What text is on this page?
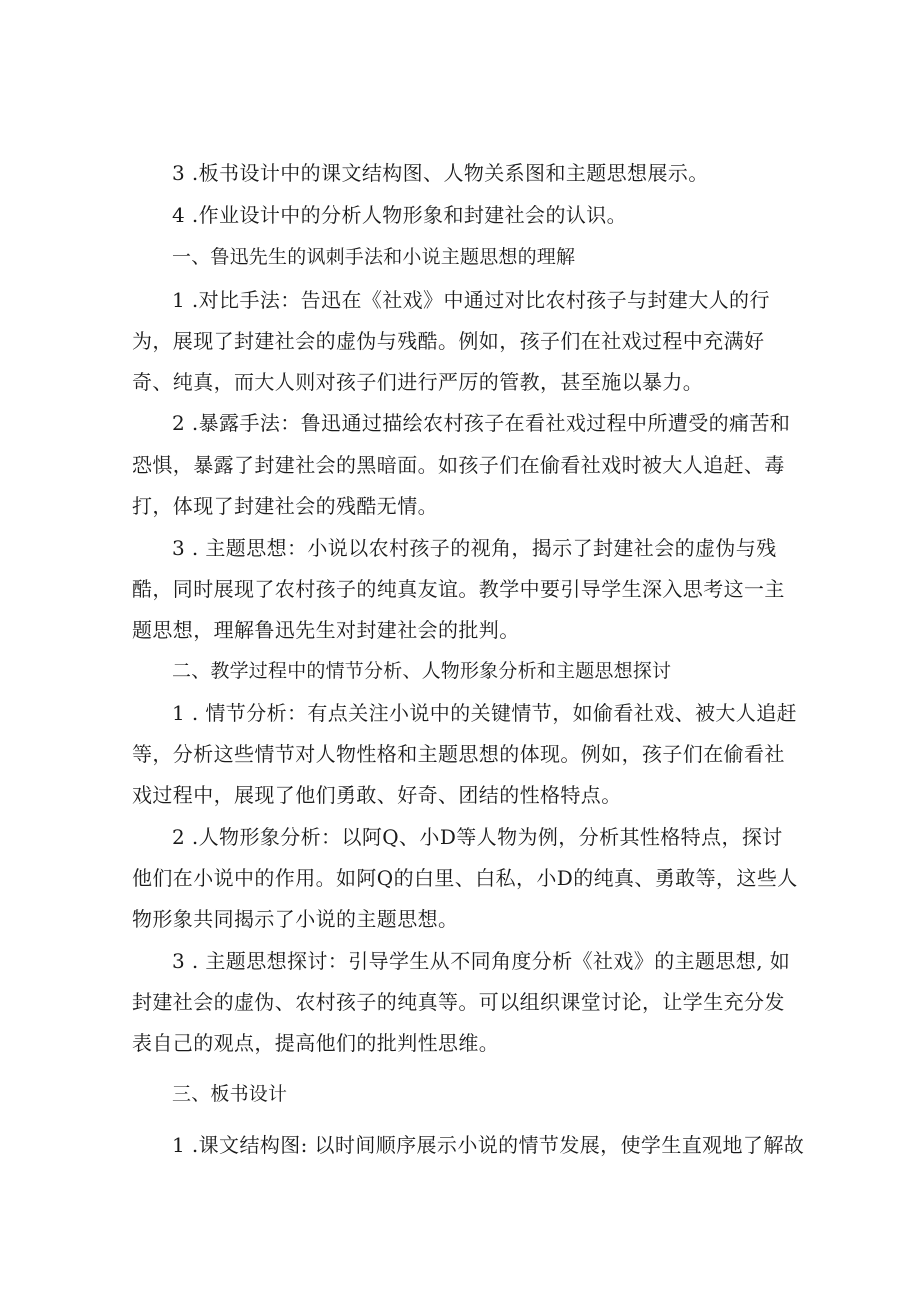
3 .板书设计中的课文结构图、人物关系图和主题思想展示。
4 .作业设计中的分析人物形象和封建社会的认识。
一、鲁迅先生的讽刺手法和小说主题思想的理解
1 .对比手法：告迅在《社戏》中通过对比农村孩子与封建大人的行
为，展现了封建社会的虚伪与残酷。例如，孩子们在社戏过程中充满好
奇、纯真，而大人则对孩子们进行严厉的管教，甚至施以暴力。
2 .暴露手法：鲁迅通过描绘农村孩子在看社戏过程中所遭受的痛苦和
恐惧，暴露了封建社会的黑暗面。如孩子们在偷看社戏时被大人追赶、毒
打，体现了封建社会的残酷无情。
3 . 主题思想：小说以农村孩子的视角，揭示了封建社会的虚伪与残
酷，同时展现了农村孩子的纯真友谊。教学中要引导学生深入思考这一主
题思想，理解鲁迅先生对封建社会的批判。
二、教学过程中的情节分析、人物形象分析和主题思想探讨
1 . 情节分析：有点关注小说中的关键情节，如偷看社戏、被大人追赶
等，分析这些情节对人物性格和主题思想的体现。例如，孩子们在偷看社
戏过程中，展现了他们勇敢、好奇、团结的性格特点。
2 .人物形象分析：以阿Q、小D等人物为例，分析其性格特点，探讨
他们在小说中的作用。如阿Q的白里、白私，小D的纯真、勇敢等，这些人
物形象共同揭示了小说的主题思想。
3 . 主题思想探讨：引导学生从不同角度分析《社戏》的主题思想, 如
封建社会的虚伪、农村孩子的纯真等。可以组织课堂讨论，让学生充分发
表自己的观点，提高他们的批判性思维。
三、板书设计
1 .课文结构图: 以时间顺序展示小说的情节发展，使学生直观地了解故
